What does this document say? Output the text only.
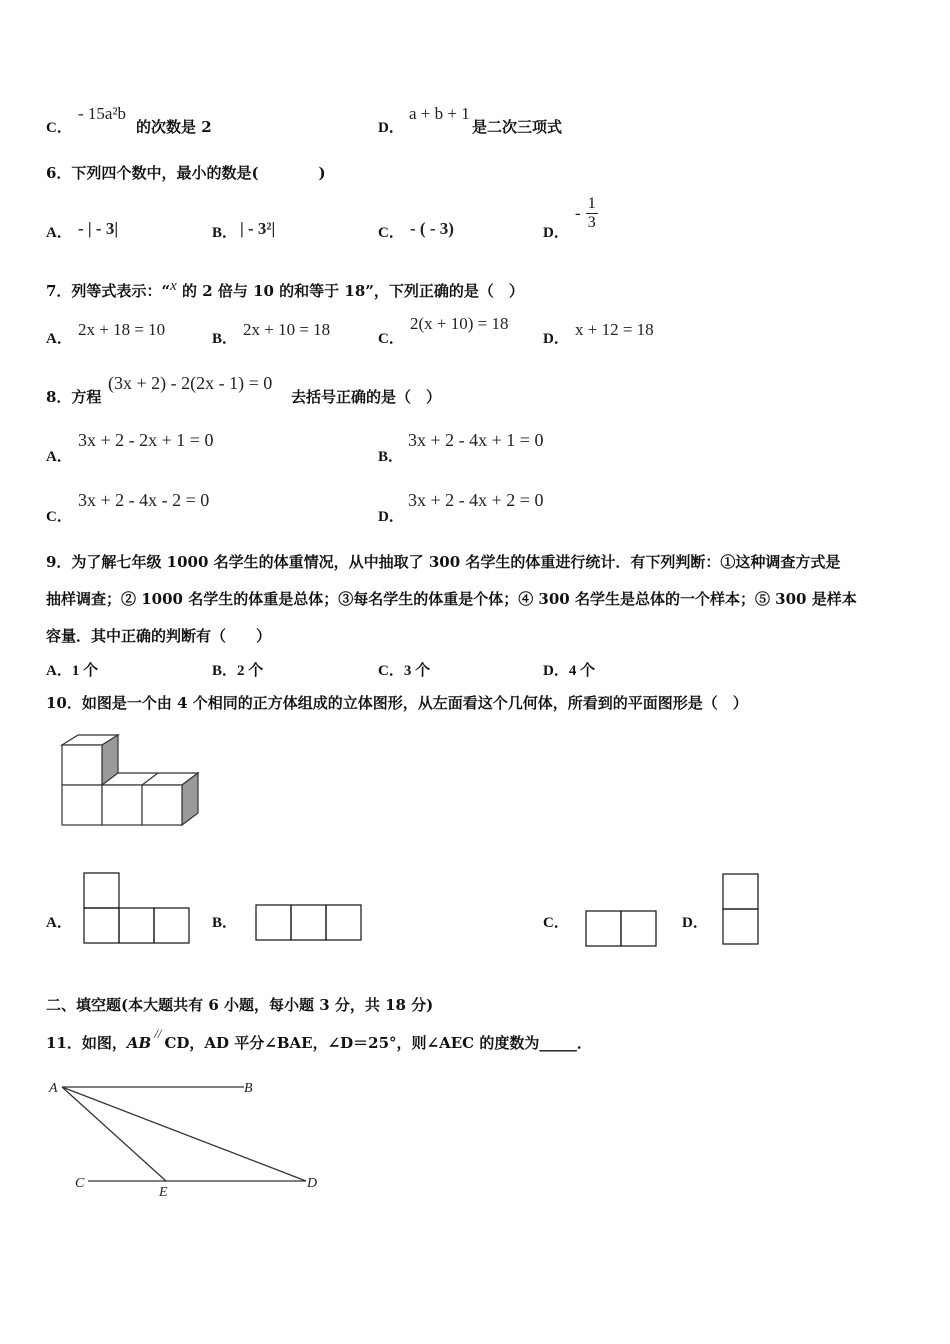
C．
- 15a²b
的次数是 2	D．
a + b + 1
是二次三项式
6．下列四个数中，最小的数是(　　　　)
A． - | - 3|	B． | - 3²|	C． - ( - 3)	D．
- $\frac{1}{3}$
7．列等式表示：“x 的 2 倍与 10 的和等于 18”，下列正确的是（　）
A． 2x + 18 = 10	B． 2x + 10 = 18	C．
2(x + 10) = 18
D． x + 12 = 18
8．方程
(3x + 2) - 2(2x - 1) = 0
去括号正确的是（　）
A．
3x + 2 - 2x + 1 = 0
B．
3x + 2 - 4x + 1 = 0
C．
3x + 2 - 4x - 2 = 0
D．
3x + 2 - 4x + 2 = 0
9．为了解七年级 1000 名学生的体重情况，从中抽取了 300 名学生的体重进行统计．有下列判断：①这种调查方式是
抽样调查；② 1000 名学生的体重是总体；③每名学生的体重是个体；④ 300 名学生是总体的一个样本；⑤ 300 是样本
容量．其中正确的判断有（　　）
A．1 个	B．2 个	C．3 个	D．4 个
10．如图是一个由 4 个相同的正方体组成的立体图形，从左面看这个几何体，所看到的平面图形是（　）
A．	B．	C．	D．
二、填空题(本大题共有 6 小题，每小题 3 分，共 18 分)
11．如图，AB//CD，AD 平分∠BAE，∠D＝25°，则∠AEC 的度数为_____．
A	B
C
E
D
